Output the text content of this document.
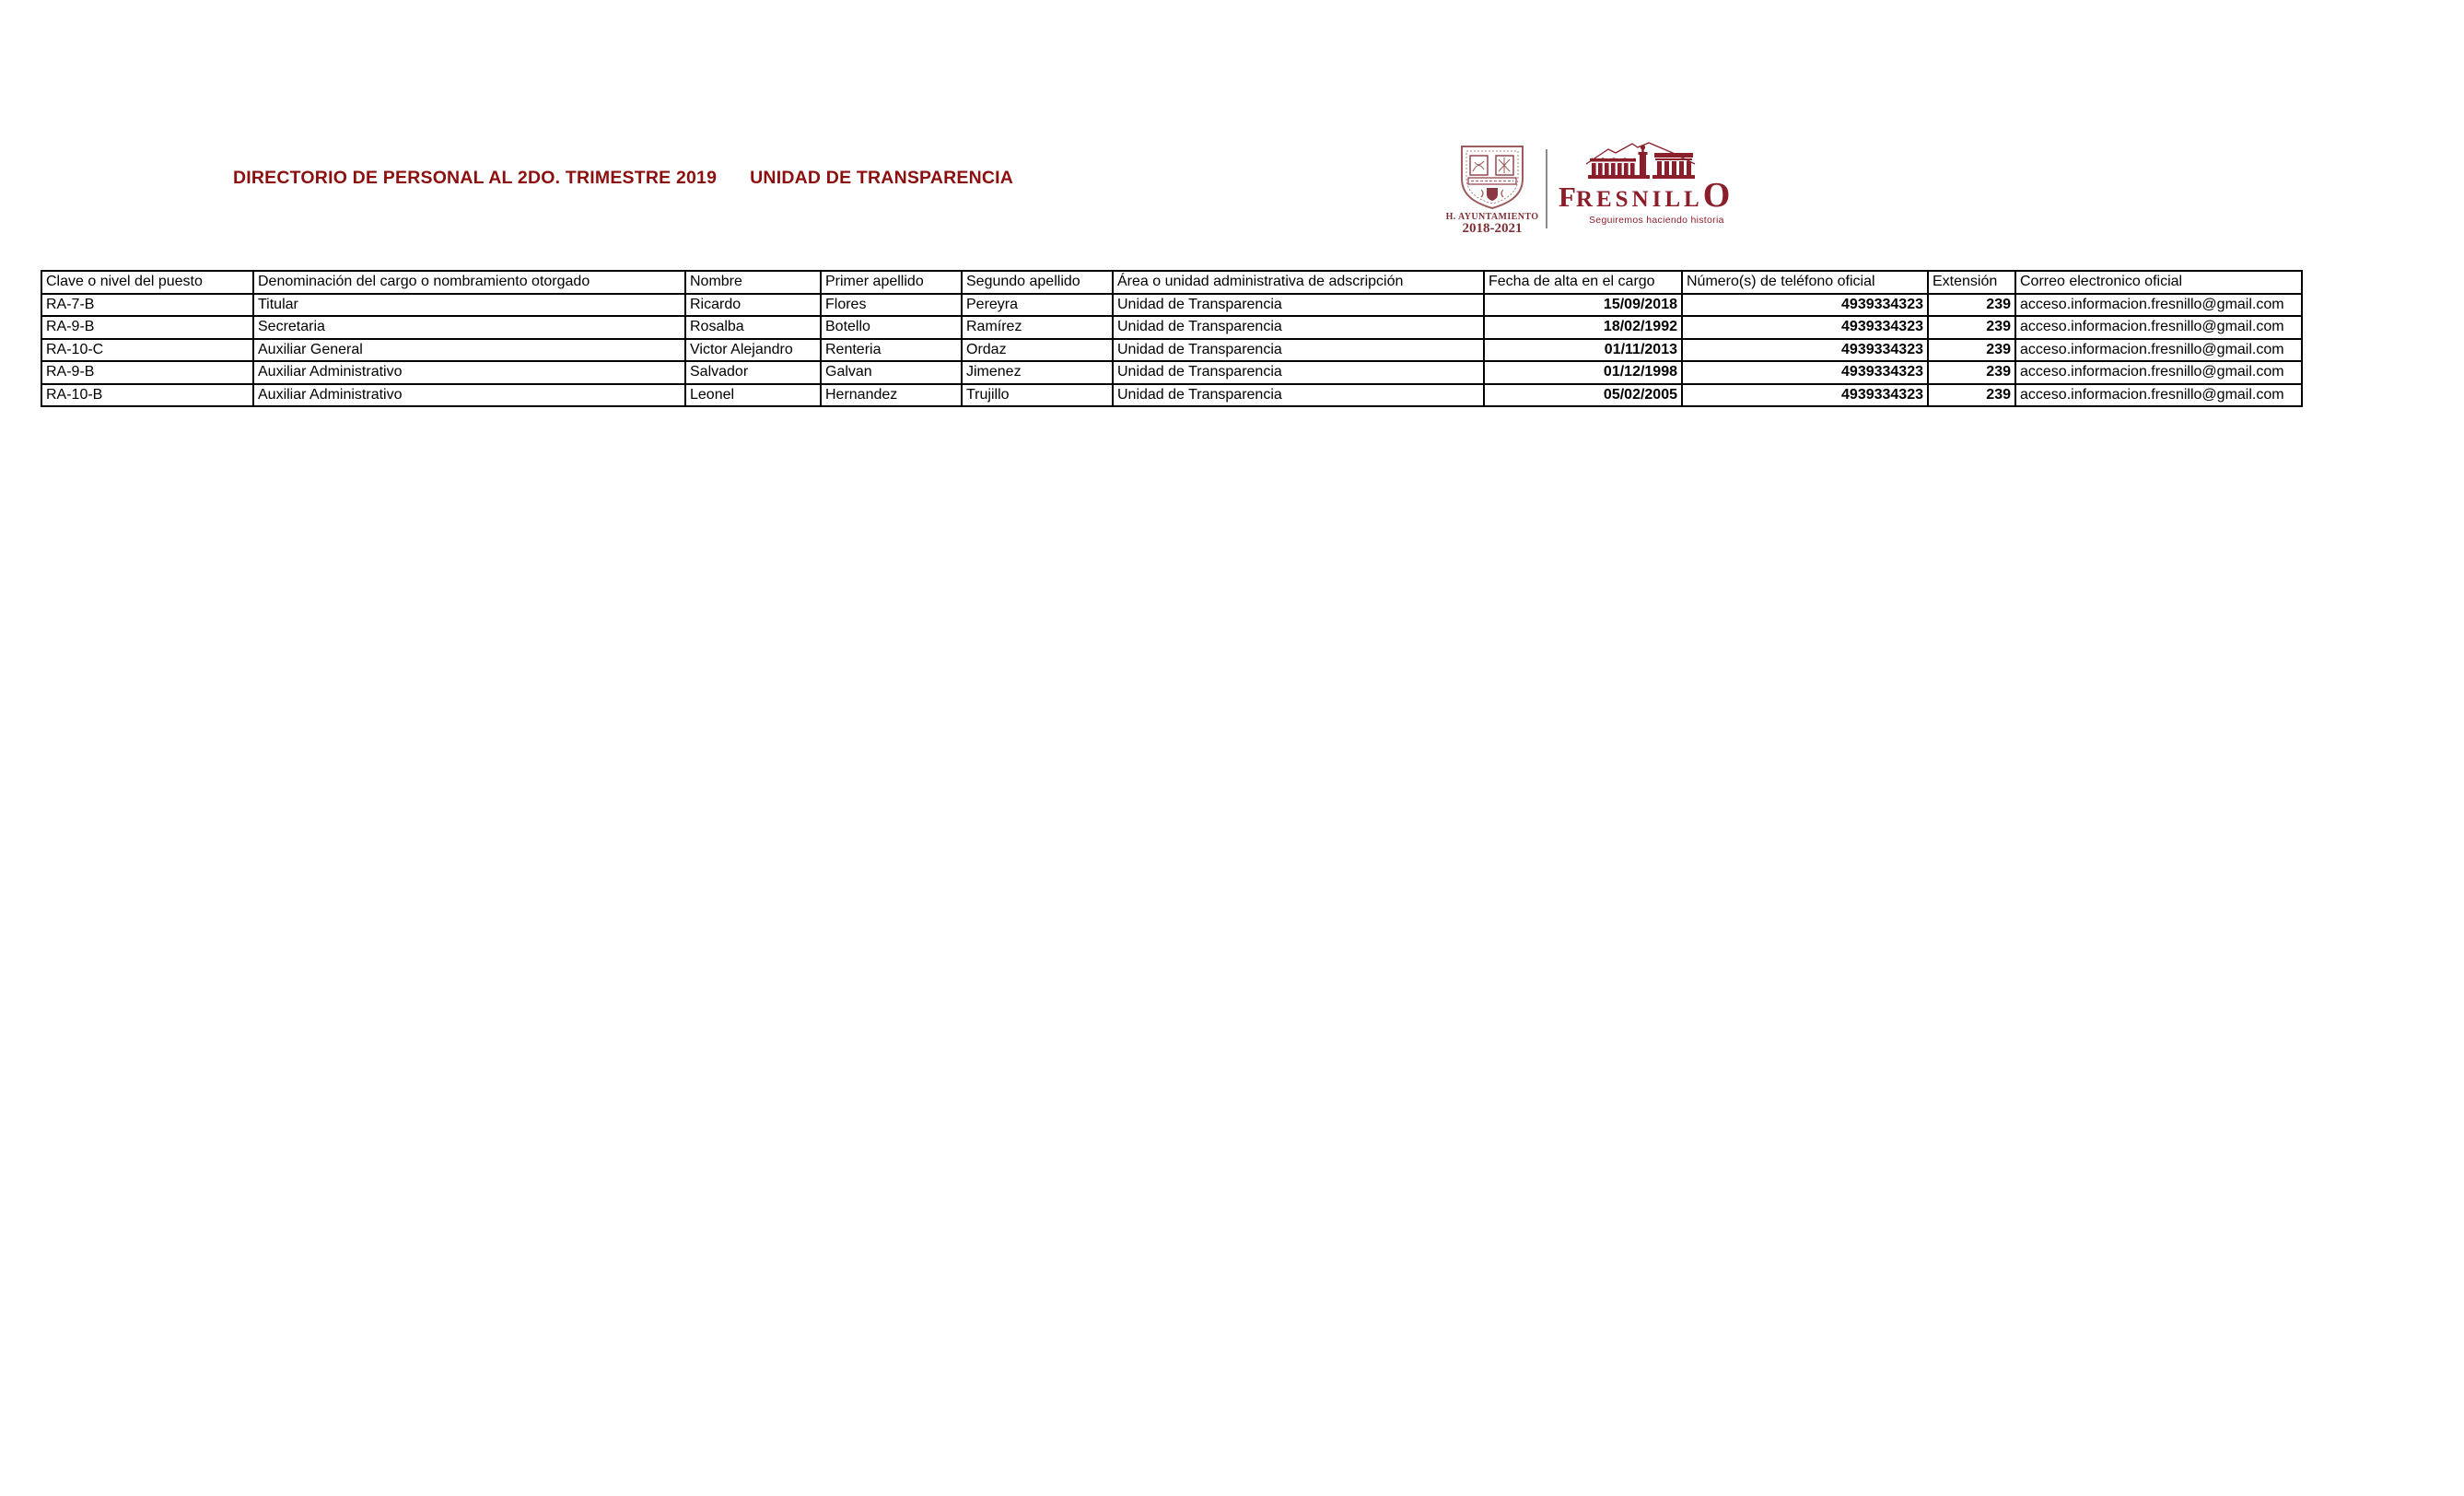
DIRECTORIO DE PERSONAL AL 2DO. TRIMESTRE 2019 UNIDAD DE TRANSPARENCIA
H. AYUNTAMIENTO
2018-2021
FRESNILLO
Seguiremos haciendo historia
Clave o nivel del puesto	Denominación del cargo o nombramiento otorgado	Nombre	Primer apellido	Segundo apellido	Área o unidad administrativa de adscripción	Fecha de alta en el cargo	Número(s) de teléfono oficial	Extensión	Correo electronico oficial
RA-7-B	Titular	Ricardo	Flores	Pereyra	Unidad de Transparencia	15/09/2018	4939334323	239	acceso.informacion.fresnillo@gmail.com
RA-9-B	Secretaria	Rosalba	Botello	Ramírez	Unidad de Transparencia	18/02/1992	4939334323	239	acceso.informacion.fresnillo@gmail.com
RA-10-C	Auxiliar General	Victor Alejandro	Renteria	Ordaz	Unidad de Transparencia	01/11/2013	4939334323	239	acceso.informacion.fresnillo@gmail.com
RA-9-B	Auxiliar Administrativo	Salvador	Galvan	Jimenez	Unidad de Transparencia	01/12/1998	4939334323	239	acceso.informacion.fresnillo@gmail.com
RA-10-B	Auxiliar Administrativo	Leonel	Hernandez	Trujillo	Unidad de Transparencia	05/02/2005	4939334323	239	acceso.informacion.fresnillo@gmail.com
